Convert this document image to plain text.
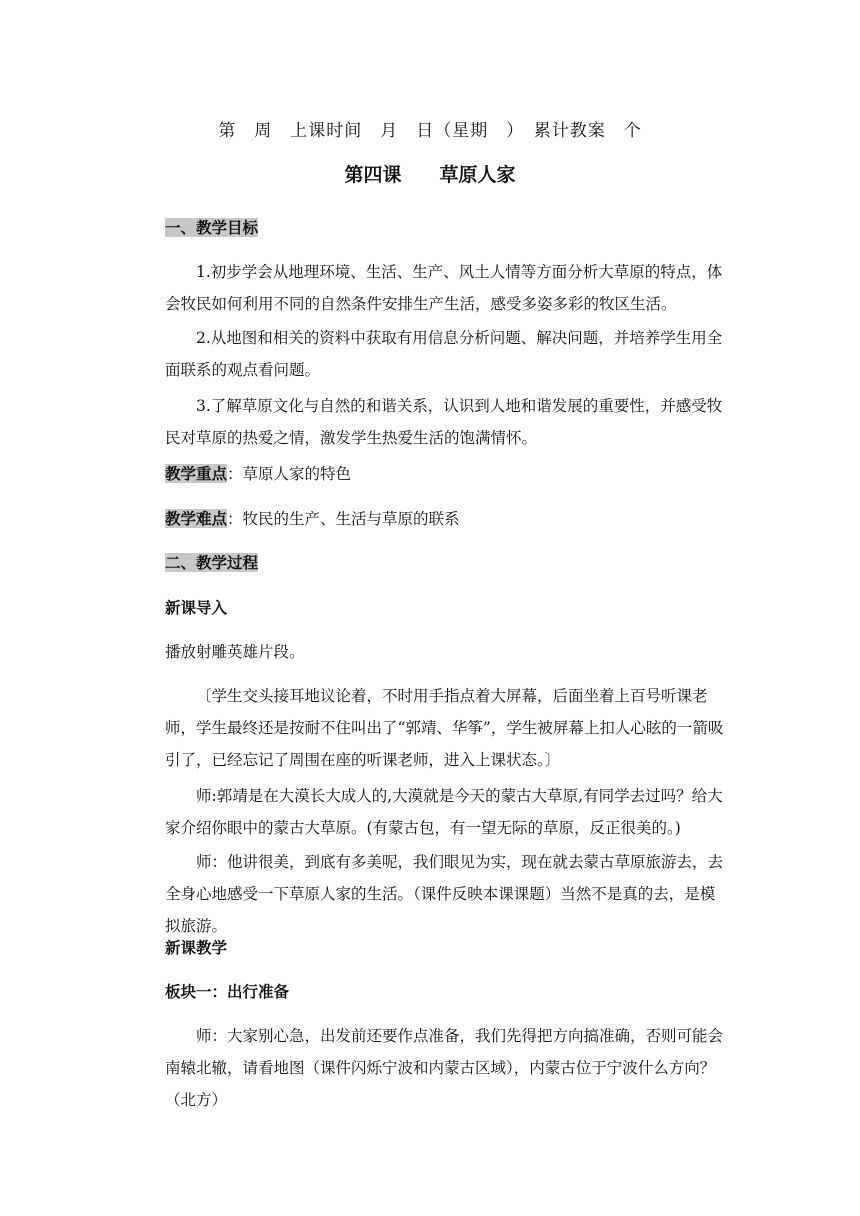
第　周　上课时间　月　日（星期　）　累计教案　个
第四课　　草原人家
一、教学目标
1.初步学会从地理环境、生活、生产、风土人情等方面分析大草原的特点，体会牧民如何利用不同的自然条件安排生产生活，感受多姿多彩的牧区生活。
2.从地图和相关的资料中获取有用信息分析问题、解决问题，并培养学生用全面联系的观点看问题。
3.了解草原文化与自然的和谐关系，认识到人地和谐发展的重要性，并感受牧民对草原的热爱之情，激发学生热爱生活的饱满情怀。
教学重点：草原人家的特色
教学难点：牧民的生产、生活与草原的联系
二、教学过程
新课导入
播放射雕英雄片段。
〔学生交头接耳地议论着，不时用手指点着大屏幕，后面坐着上百号听课老师，学生最终还是按耐不住叫出了“郭靖、华筝”，学生被屏幕上扣人心眩的一箭吸引了，已经忘记了周围在座的听课老师，进入上课状态。〕
师:郭靖是在大漠长大成人的,大漠就是今天的蒙古大草原,有同学去过吗？给大家介绍你眼中的蒙古大草原。(有蒙古包，有一望无际的草原，反正很美的。)
师：他讲很美，到底有多美呢，我们眼见为实，现在就去蒙古草原旅游去，去全身心地感受一下草原人家的生活。（课件反映本课课题）当然不是真的去，是模拟旅游。
新课教学
板块一：出行准备
师：大家别心急，出发前还要作点准备，我们先得把方向搞准确，否则可能会南辕北辙，请看地图（课件闪烁宁波和内蒙古区域），内蒙古位于宁波什么方向？（北方）
